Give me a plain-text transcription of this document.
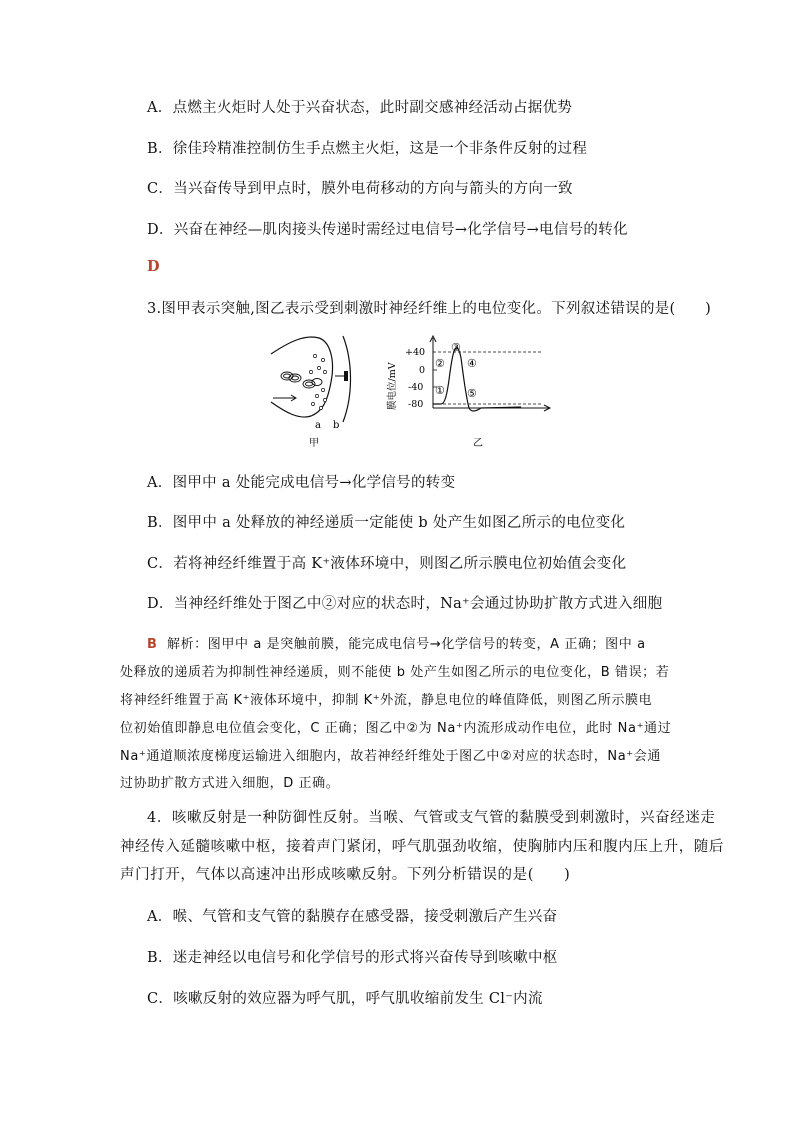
A．点燃主火炬时人处于兴奋状态，此时副交感神经活动占据优势
B．徐佳玲精准控制仿生手点燃主火炬，这是一个非条件反射的过程
C．当兴奋传导到甲点时，膜外电荷移动的方向与箭头的方向一致
D．兴奋在神经—肌肉接头传递时需经过电信号→化学信号→电信号的转化
D
3.图甲表示突触,图乙表示受到刺激时神经纤维上的电位变化。下列叙述错误的是(　　)
a b
甲
+40
0
-40
-80
膜电位/mV	①
②
③
④
⑤
乙
A．图甲中 a 处能完成电信号→化学信号的转变
B．图甲中 a 处释放的神经递质一定能使 b 处产生如图乙所示的电位变化
C．若将神经纤维置于高 K⁺液体环境中，则图乙所示膜电位初始值会变化
D．当神经纤维处于图乙中②对应的状态时，Na⁺会通过协助扩散方式进入细胞
B 解析：图甲中 a 是突触前膜，能完成电信号→化学信号的转变，A 正确；图中 a
处释放的递质若为抑制性神经递质，则不能使 b 处产生如图乙所示的电位变化，B 错误；若
将神经纤维置于高 K⁺液体环境中，抑制 K⁺外流，静息电位的峰值降低，则图乙所示膜电
位初始值即静息电位值会变化，C 正确；图乙中②为 Na⁺内流形成动作电位，此时 Na⁺通过
Na⁺通道顺浓度梯度运输进入细胞内，故若神经纤维处于图乙中②对应的状态时，Na⁺会通
过协助扩散方式进入细胞，D 正确。
4．咳嗽反射是一种防御性反射。当喉、气管或支气管的黏膜受到刺激时，兴奋经迷走
神经传入延髓咳嗽中枢，接着声门紧闭，呼气肌强劲收缩，使胸肺内压和腹内压上升，随后
声门打开，气体以高速冲出形成咳嗽反射。下列分析错误的是(　　)
A．喉、气管和支气管的黏膜存在感受器，接受刺激后产生兴奋
B．迷走神经以电信号和化学信号的形式将兴奋传导到咳嗽中枢
C．咳嗽反射的效应器为呼气肌，呼气肌收缩前发生 Cl⁻内流
